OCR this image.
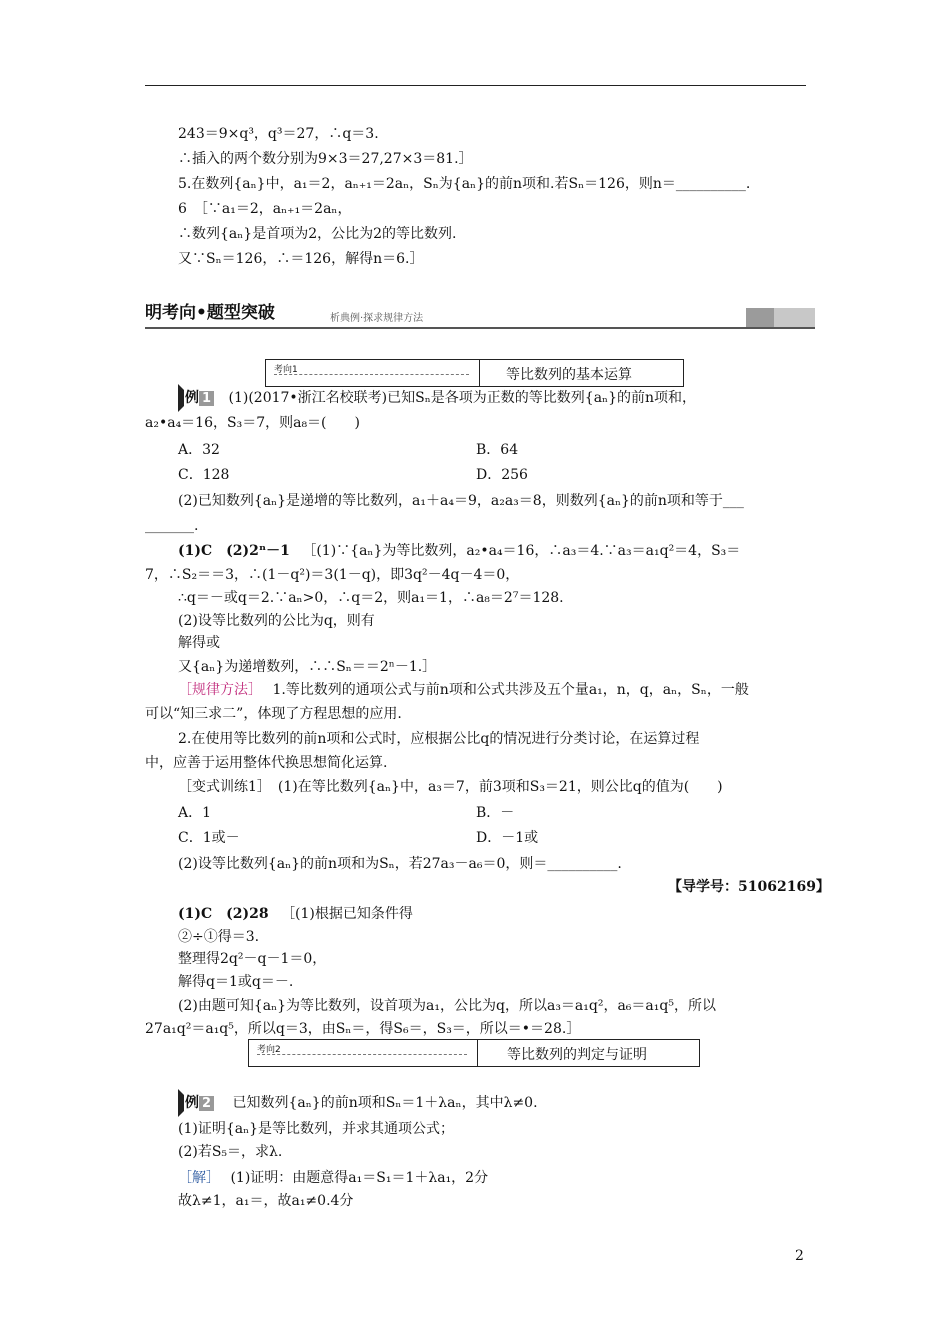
243＝9×q³，q³＝27，∴q＝3.
∴插入的两个数分别为9×3＝27,27×3＝81.］
5.在数列{aₙ}中，a₁＝2，aₙ₊₁＝2aₙ，Sₙ为{aₙ}的前n项和.若Sₙ＝126，则n＝__________.
6　［∵a₁＝2，aₙ₊₁＝2aₙ，
∴数列{aₙ}是首项为2，公比为2的等比数列.
又∵Sₙ＝126，∴＝126，解得n＝6.］
明考向•题型突破	析典例·探求规律方法
考向1	等比数列的基本运算
例 1 (1)(2017•浙江名校联考)已知Sₙ是各项为正数的等比数列{aₙ}的前n项和，
a₂•a₄＝16，S₃＝7，则a₈＝(　　)
A．32	B．64
C．128	D．256
(2)已知数列{aₙ}是递增的等比数列，a₁＋a₄＝9，a₂a₃＝8，则数列{aₙ}的前n项和等于___
_______.
(1)C　(2)2ⁿ－1 ［(1)∵{aₙ}为等比数列，a₂•a₄＝16，∴a₃＝4.∵a₃＝a₁q²＝4，S₃＝
7，∴S₂＝＝3，∴(1－q²)＝3(1－q)，即3q²－4q－4＝0，
∴q＝－或q＝2.∵aₙ>0，∴q＝2，则a₁＝1，∴a₈＝2⁷＝128.
(2)设等比数列的公比为q，则有
解得或
又{aₙ}为递增数列，∴∴Sₙ＝＝2ⁿ－1.］
［规律方法］ 1.等比数列的通项公式与前n项和公式共涉及五个量a₁，n，q，aₙ，Sₙ，一般
可以“知三求二”，体现了方程思想的应用.
2.在使用等比数列的前n项和公式时，应根据公比q的情况进行分类讨论，在运算过程
中，应善于运用整体代换思想简化运算.
［变式训练1］　(1)在等比数列{aₙ}中，a₃＝7，前3项和S₃＝21，则公比q的值为(　　)
A．1	B．－
C．1或－	D．－1或
(2)设等比数列{aₙ}的前n项和为Sₙ，若27a₃－a₆＝0，则＝__________.
【导学号：51062169】
(1)C　(2)28 ［(1)根据已知条件得
②÷①得＝3.
整理得2q²－q－1＝0，
解得q＝1或q＝－.
(2)由题可知{aₙ}为等比数列，设首项为a₁，公比为q，所以a₃＝a₁q²，a₆＝a₁q⁵，所以
27a₁q²＝a₁q⁵，所以q＝3，由Sₙ＝，得S₆＝，S₃＝，所以＝•＝28.］
考向2	等比数列的判定与证明
例 2 已知数列{aₙ}的前n项和Sₙ＝1＋λaₙ，其中λ≠0.
(1)证明{aₙ}是等比数列，并求其通项公式；
(2)若S₅＝，求λ.
［解］ (1)证明：由题意得a₁＝S₁＝1＋λa₁，2分
故λ≠1，a₁＝，故a₁≠0.4分
2
